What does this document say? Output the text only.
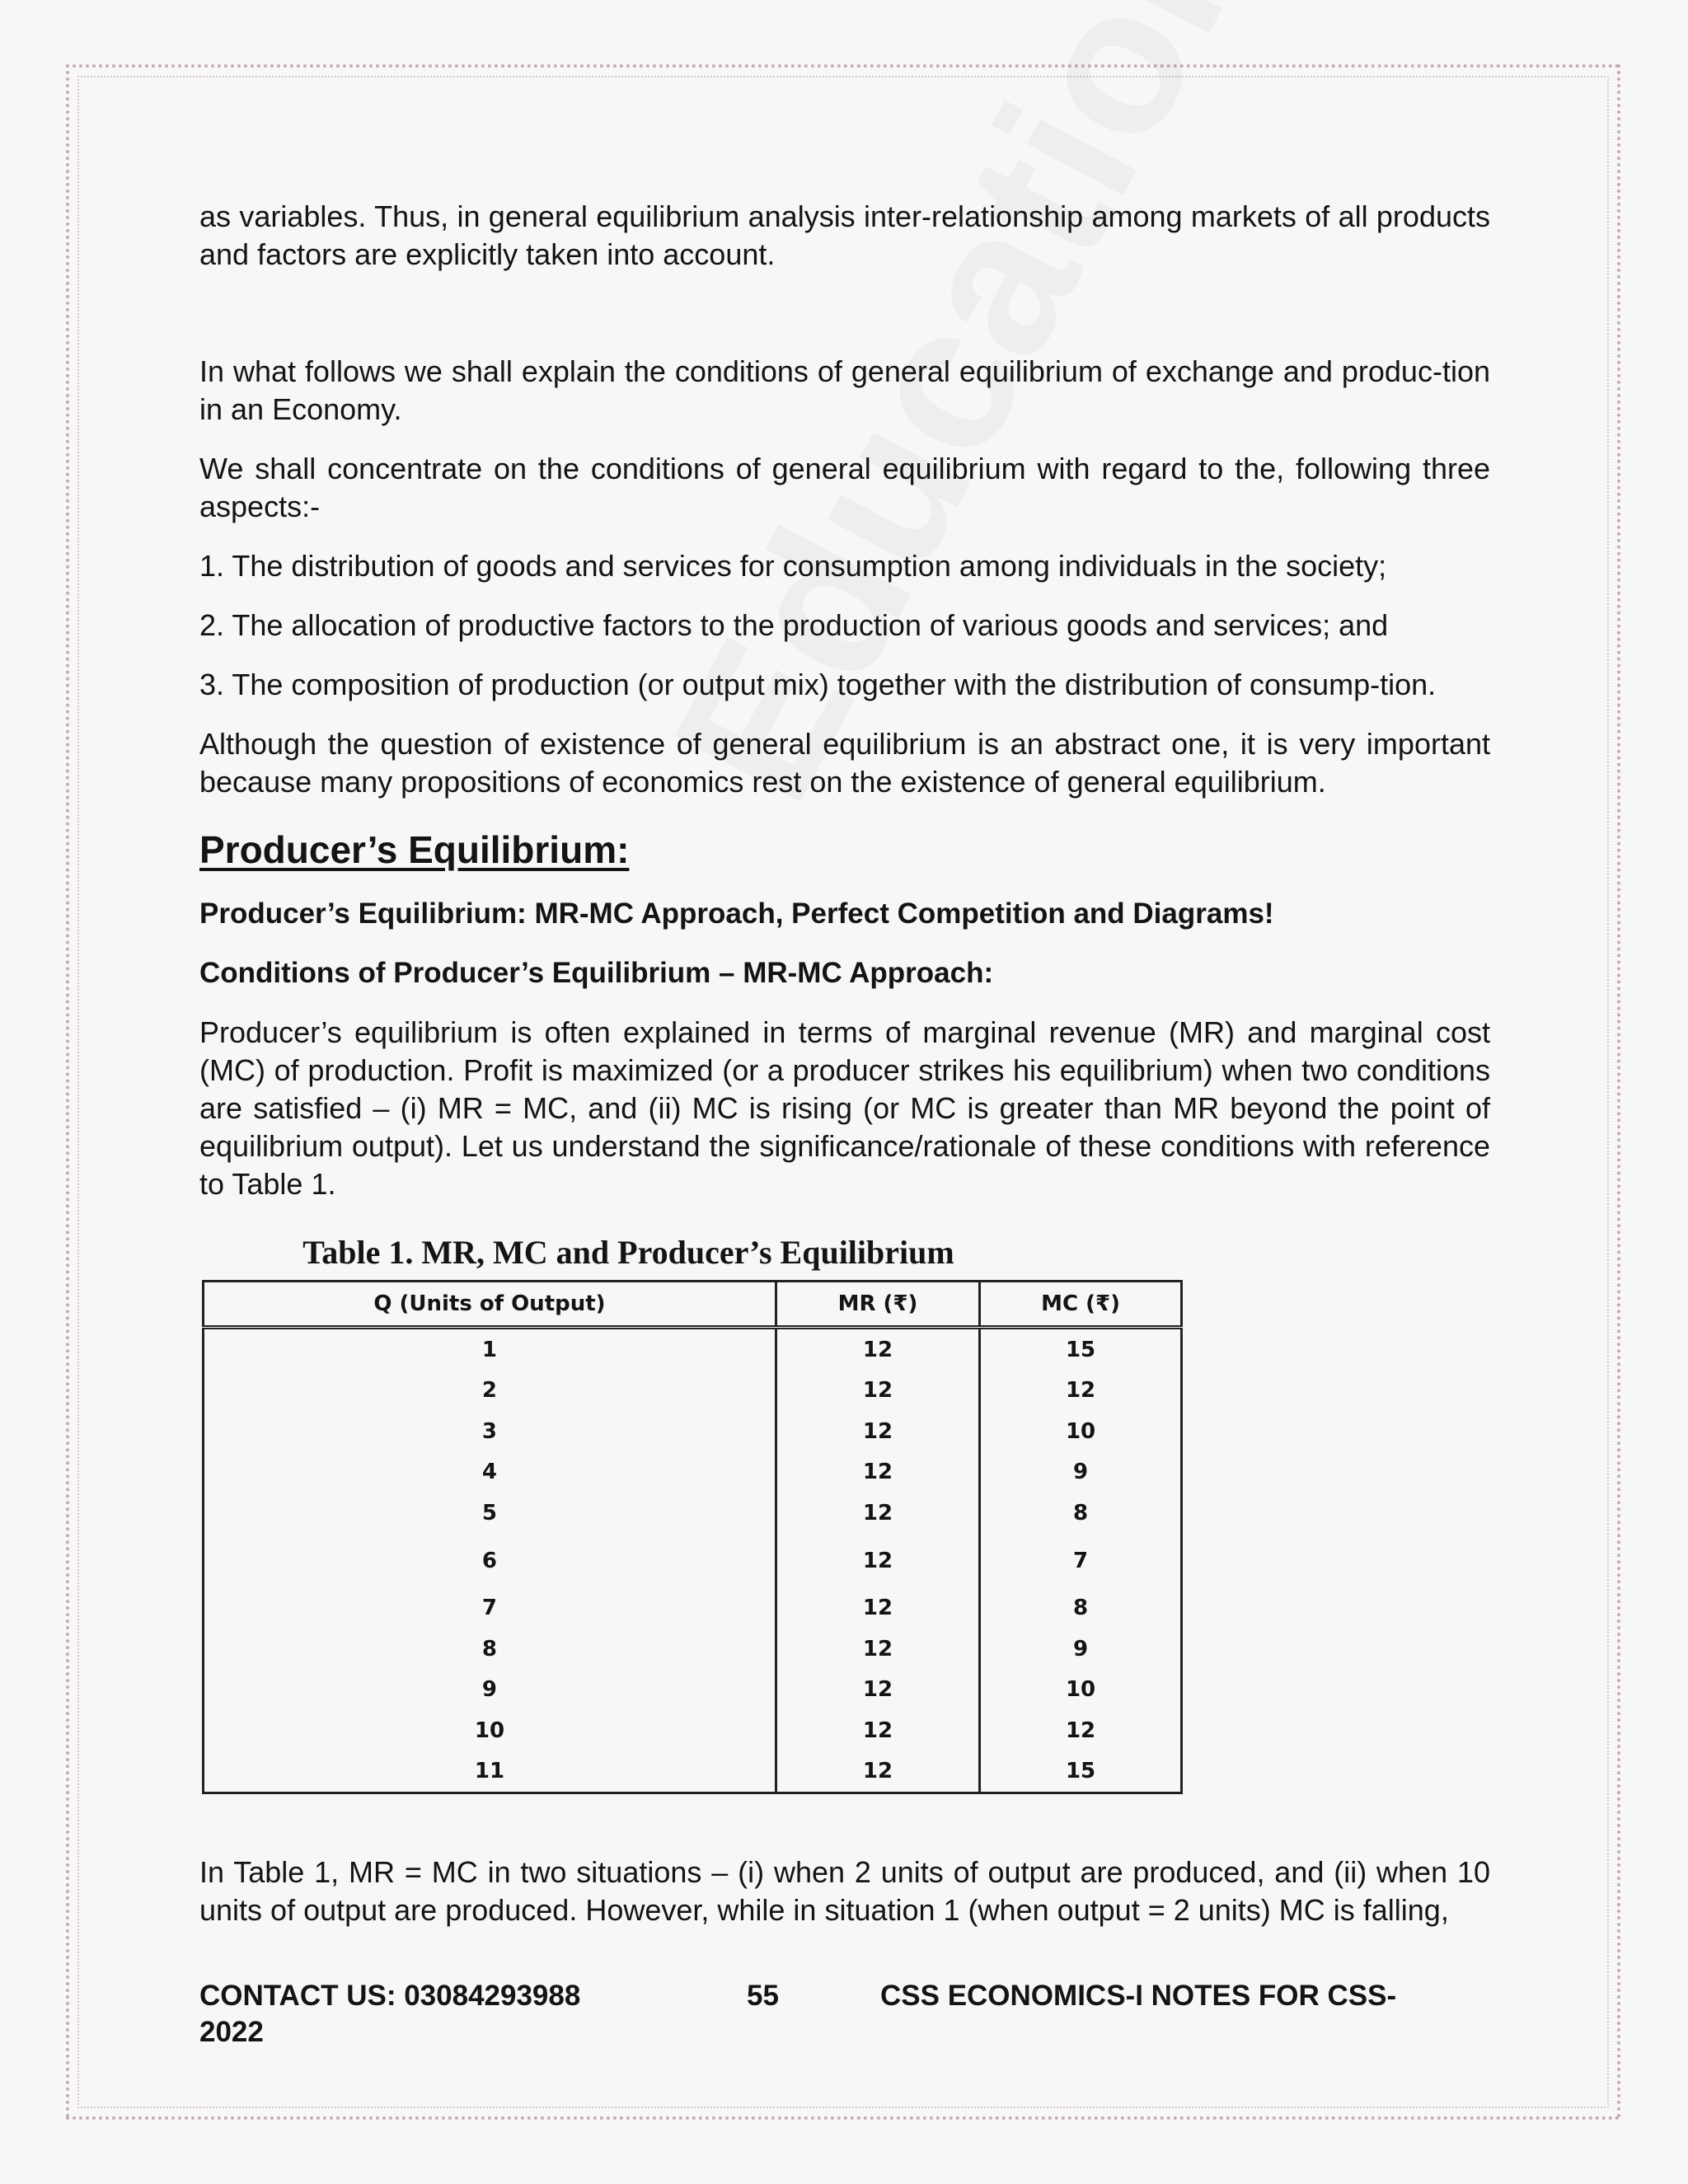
as variables. Thus, in general equilibrium analysis inter-relationship among markets of all products and factors are explicitly taken into account.

In what follows we shall explain the conditions of general equilibrium of exchange and produc-tion in an Economy.

We shall concentrate on the conditions of general equilibrium with regard to the, following three aspects:-

1. The distribution of goods and services for consumption among individuals in the society;

2. The allocation of productive factors to the production of various goods and services; and

3. The composition of production (or output mix) together with the distribution of consump-tion.

Although the question of existence of general equilibrium is an abstract one, it is very important because many propositions of economics rest on the existence of general equilibrium.

Producer’s Equilibrium:
Producer’s Equilibrium: MR-MC Approach, Perfect Competition and Diagrams!
Conditions of Producer’s Equilibrium – MR-MC Approach:

Producer’s equilibrium is often explained in terms of marginal revenue (MR) and marginal cost (MC) of production. Profit is maximized (or a producer strikes his equilibrium) when two conditions are satisfied – (i) MR = MC, and (ii) MC is rising (or MC is greater than MR beyond the point of equilibrium output). Let us understand the significance/rationale of these conditions with reference to Table 1.

Table 1. MR, MC and Producer’s Equilibrium
Q (Units of Output)	MR (₹)	MC (₹)
1	12	15
2	12	12
3	12	10
4	12	9
5	12	8
6	12	7
7	12	8
8	12	9
9	12	10
10	12	12
11	12	15

In Table 1, MR = MC in two situations – (i) when 2 units of output are produced, and (ii) when 10 units of output are produced. However, while in situation 1 (when output = 2 units) MC is falling,

CONTACT US: 03084293988	55	CSS ECONOMICS-I NOTES FOR CSS-
2022
